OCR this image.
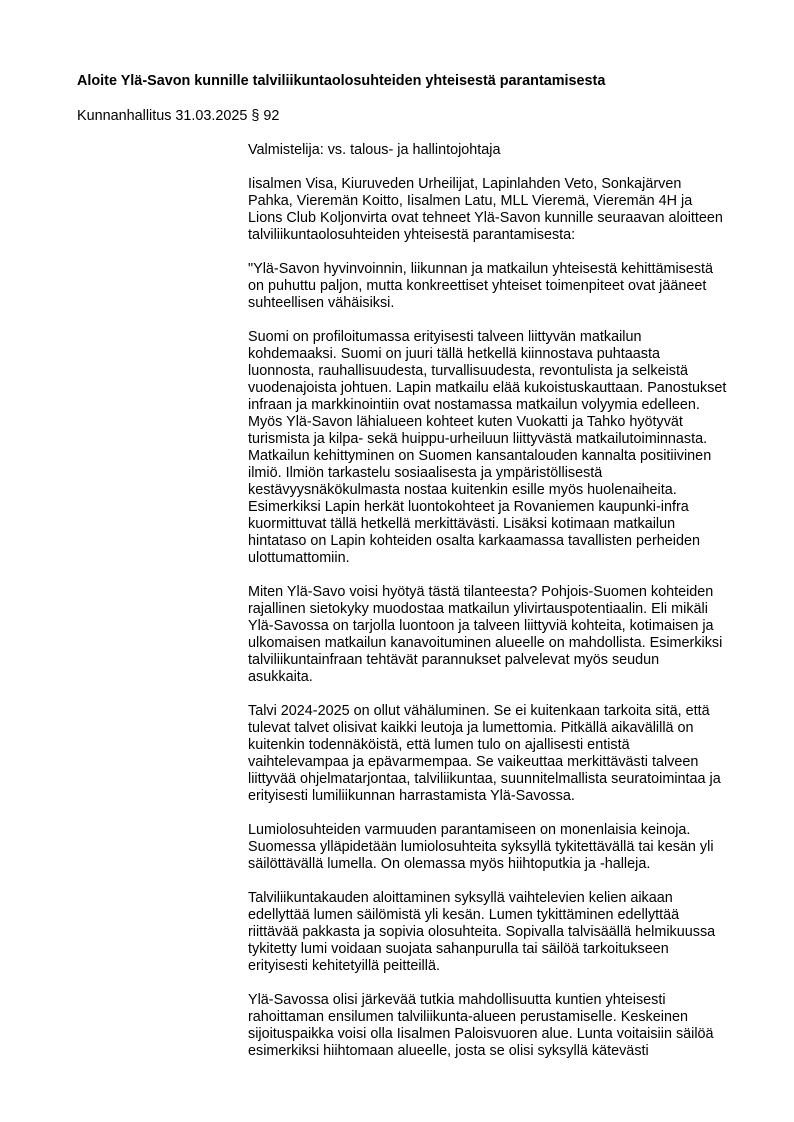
Aloite Ylä-Savon kunnille talviliikuntaolosuhteiden yhteisestä parantamisesta
Kunnanhallitus 31.03.2025 § 92
Valmistelija: vs. talous- ja hallintojohtaja
Iisalmen Visa, Kiuruveden Urheilijat, Lapinlahden Veto, Sonkajärven
Pahka, Vieremän Koitto, Iisalmen Latu, MLL Vieremä, Vieremän 4H ja
Lions Club Koljonvirta ovat tehneet Ylä-Savon kunnille seuraavan aloitteen
talviliikuntaolosuhteiden yhteisestä parantamisesta:
"Ylä-Savon hyvinvoinnin, liikunnan ja matkailun yhteisestä kehittämisestä
on puhuttu paljon, mutta konkreettiset yhteiset toimenpiteet ovat jääneet
suhteellisen vähäisiksi.
Suomi on profiloitumassa erityisesti talveen liittyvän matkailun
kohdemaaksi. Suomi on juuri tällä hetkellä kiinnostava puhtaasta
luonnosta, rauhallisuudesta, turvallisuudesta, revontulista ja selkeistä
vuodenajoista johtuen. Lapin matkailu elää kukoistuskauttaan. Panostukset
infraan ja markkinointiin ovat nostamassa matkailun volyymia edelleen.
Myös Ylä-Savon lähialueen kohteet kuten Vuokatti ja Tahko hyötyvät
turismista ja kilpa- sekä huippu-urheiluun liittyvästä matkailutoiminnasta.
Matkailun kehittyminen on Suomen kansantalouden kannalta positiivinen
ilmiö. Ilmiön tarkastelu sosiaalisesta ja ympäristöllisestä
kestävyysnäkökulmasta nostaa kuitenkin esille myös huolenaiheita.
Esimerkiksi Lapin herkät luontokohteet ja Rovaniemen kaupunki-infra
kuormittuvat tällä hetkellä merkittävästi. Lisäksi kotimaan matkailun
hintataso on Lapin kohteiden osalta karkaamassa tavallisten perheiden
ulottumattomiin.
Miten Ylä-Savo voisi hyötyä tästä tilanteesta? Pohjois-Suomen kohteiden
rajallinen sietokyky muodostaa matkailun ylivirtauspotentiaalin. Eli mikäli
Ylä-Savossa on tarjolla luontoon ja talveen liittyviä kohteita, kotimaisen ja
ulkomaisen matkailun kanavoituminen alueelle on mahdollista. Esimerkiksi
talviliikuntainfraan tehtävät parannukset palvelevat myös seudun
asukkaita.
Talvi 2024-2025 on ollut vähäluminen. Se ei kuitenkaan tarkoita sitä, että
tulevat talvet olisivat kaikki leutoja ja lumettomia. Pitkällä aikavälillä on
kuitenkin todennäköistä, että lumen tulo on ajallisesti entistä
vaihtelevampaa ja epävarmempaa. Se vaikeuttaa merkittävästi talveen
liittyvää ohjelmatarjontaa, talviliikuntaa, suunnitelmallista seuratoimintaa ja
erityisesti lumiliikunnan harrastamista Ylä-Savossa.
Lumiolosuhteiden varmuuden parantamiseen on monenlaisia keinoja.
Suomessa ylläpidetään lumiolosuhteita syksyllä tykitettävällä tai kesän yli
säilöttävällä lumella. On olemassa myös hiihtoputkia ja -halleja.
Talviliikuntakauden aloittaminen syksyllä vaihtelevien kelien aikaan
edellyttää lumen säilömistä yli kesän. Lumen tykittäminen edellyttää
riittävää pakkasta ja sopivia olosuhteita. Sopivalla talvisäällä helmikuussa
tykitetty lumi voidaan suojata sahanpurulla tai säilöä tarkoitukseen
erityisesti kehitetyillä peitteillä.
Ylä-Savossa olisi järkevää tutkia mahdollisuutta kuntien yhteisesti
rahoittaman ensilumen talviliikunta-alueen perustamiselle. Keskeinen
sijoituspaikka voisi olla Iisalmen Paloisvuoren alue. Lunta voitaisiin säilöä
esimerkiksi hiihtomaan alueelle, josta se olisi syksyllä kätevästi
